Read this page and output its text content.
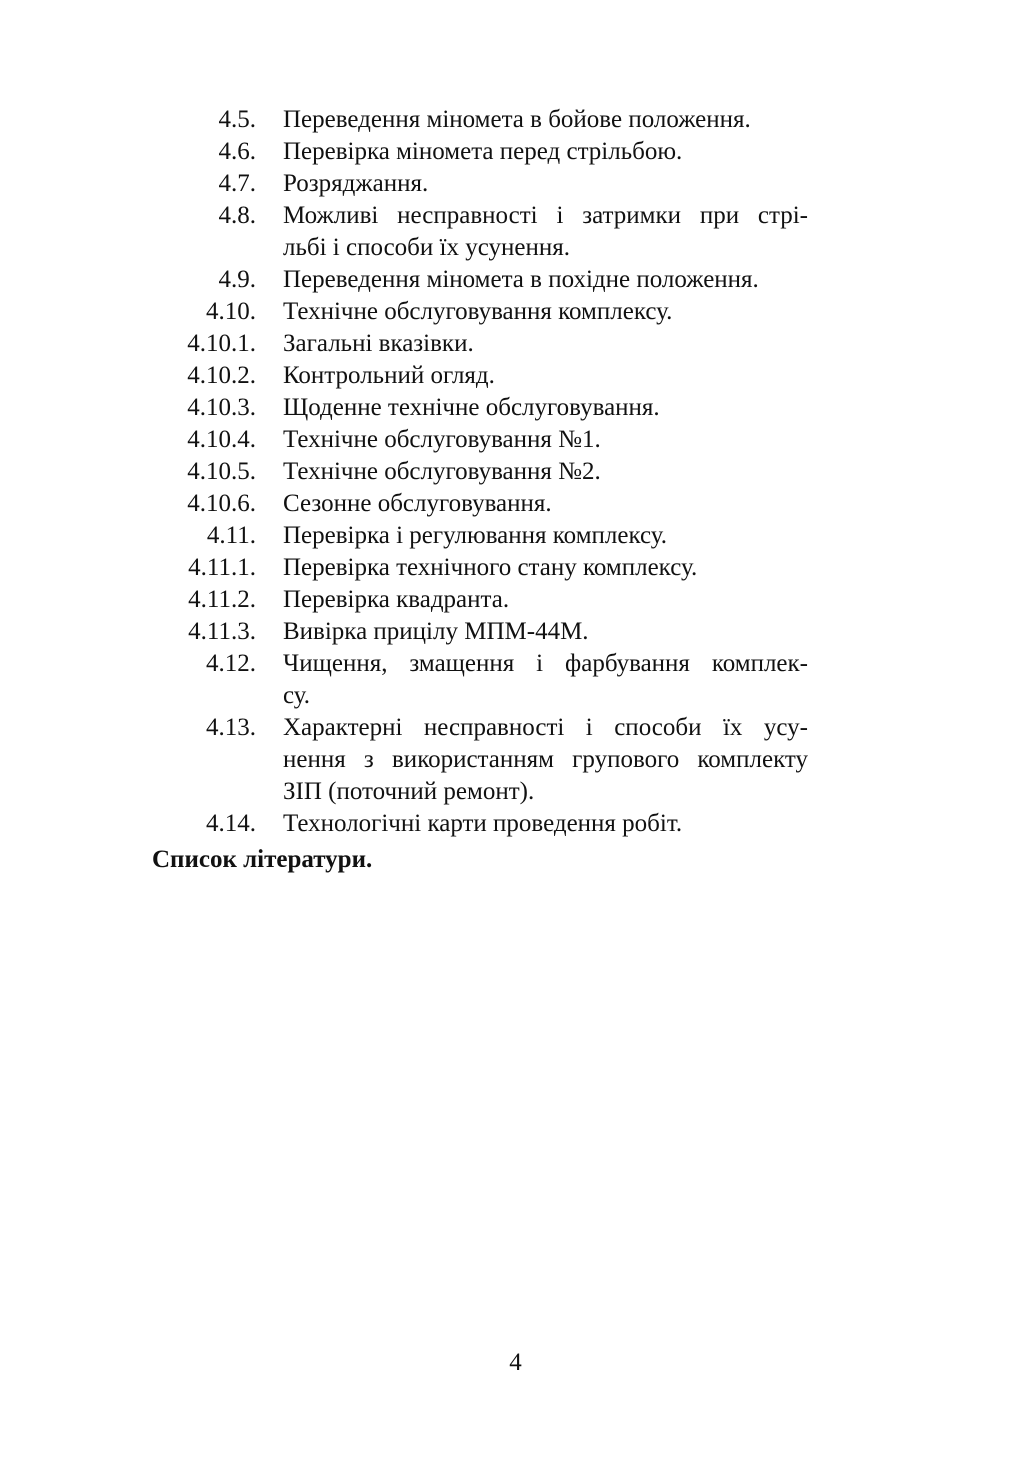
4.5. Переведення міномета в бойове положення.
4.6. Перевірка міномета перед стрільбою.
4.7. Розряджання.
4.8. Можливі несправності і затримки при стрі-
льбі і способи їх усунення.
4.9. Переведення міномета в похідне положення.
4.10. Технічне обслуговування комплексу.
4.10.1. Загальні вказівки.
4.10.2. Контрольний огляд.
4.10.3. Щоденне технічне обслуговування.
4.10.4. Технічне обслуговування №1.
4.10.5. Технічне обслуговування №2.
4.10.6. Сезонне обслуговування.
4.11. Перевірка і регулювання комплексу.
4.11.1. Перевірка технічного стану комплексу.
4.11.2. Перевірка квадранта.
4.11.3. Вивірка прицілу МПМ-44М.
4.12. Чищення, змащення і фарбування комплек-
су.
4.13. Характерні несправності і способи їх усу-
нення з використанням групового комплекту
ЗІП (поточний ремонт).
4.14. Технологічні карти проведення робіт.
Список літератури.
4
